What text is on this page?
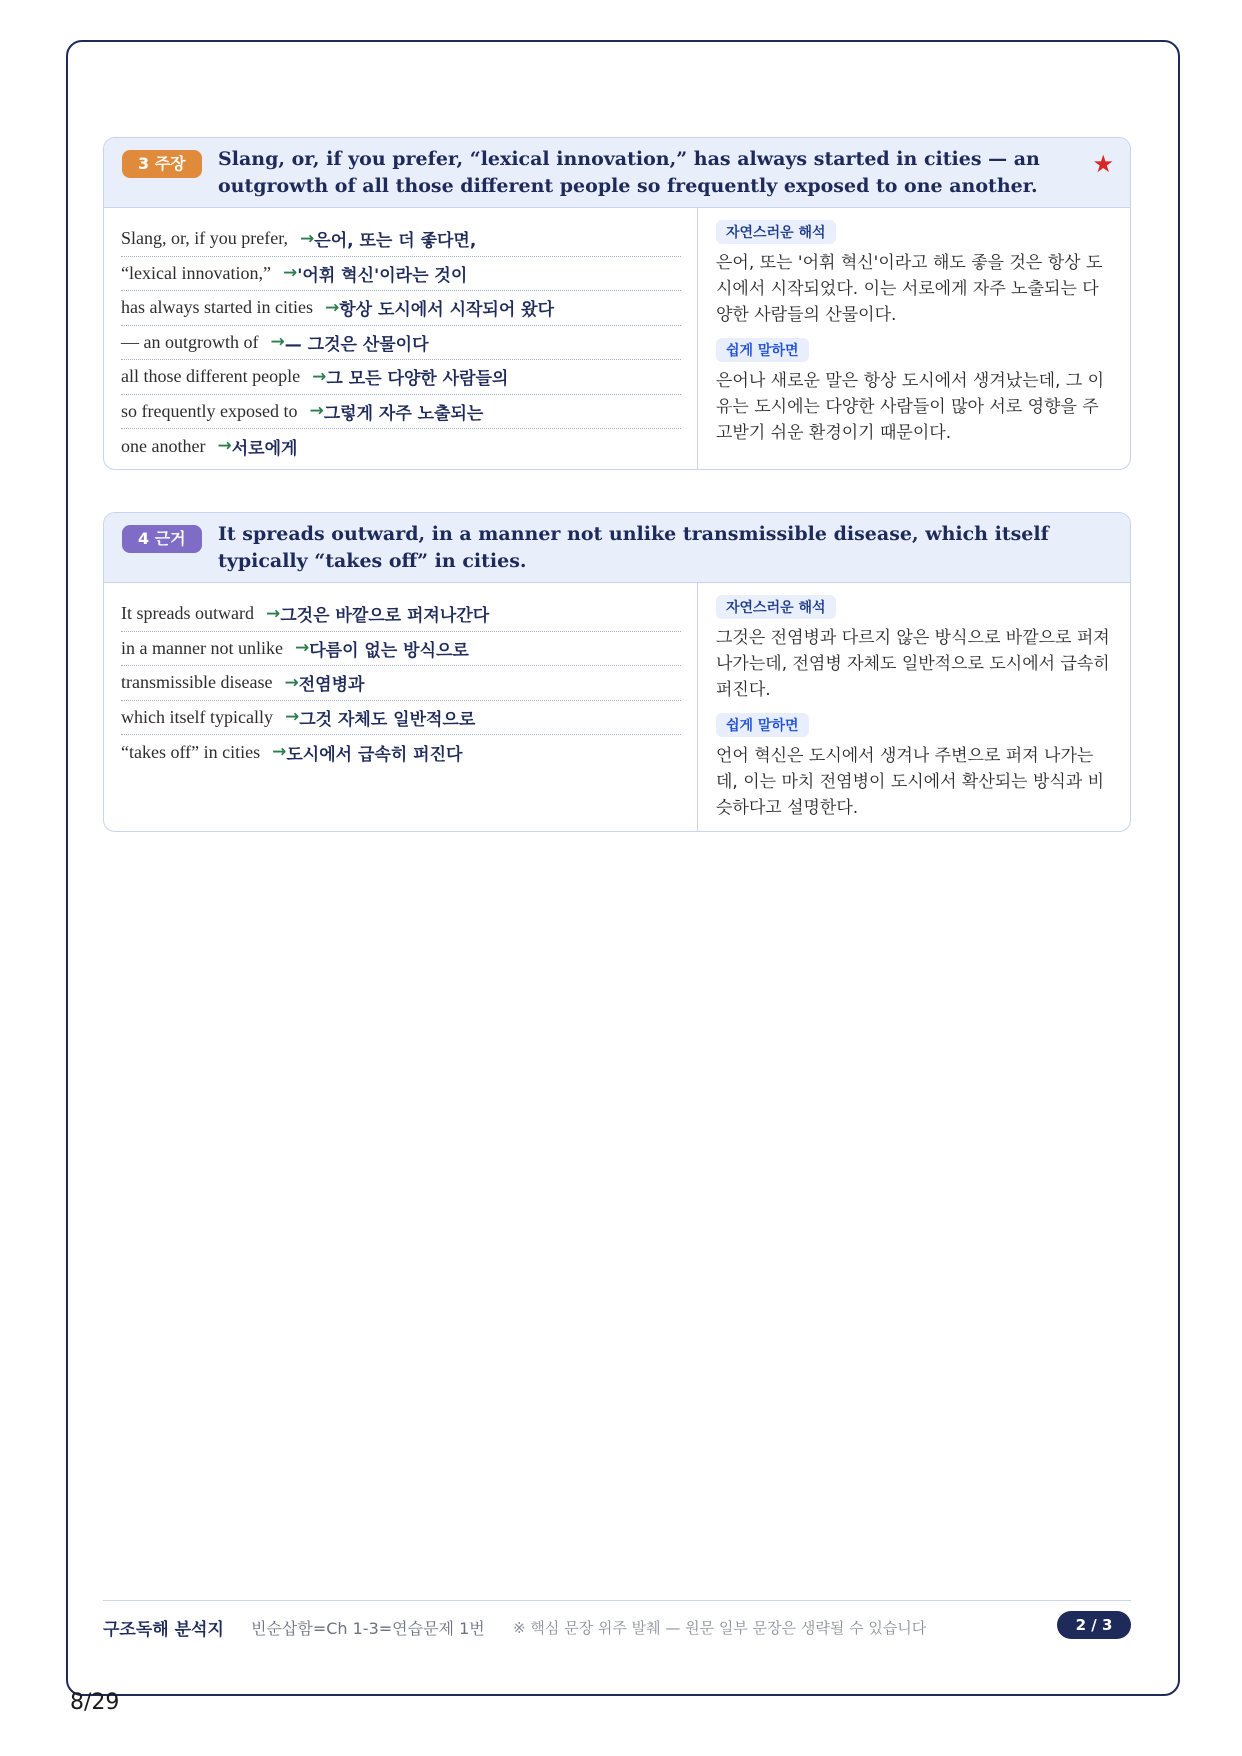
3 주장	Slang, or, if you prefer, “lexical innovation,” has always started in cities — an outgrowth of all those different people so frequently exposed to one another.
★
Slang, or, if you prefer, → 은어, 또는 더 좋다면,
“lexical innovation,” → '어휘 혁신'이라는 것이
has always started in cities → 항상 도시에서 시작되어 왔다
— an outgrowth of → — 그것은 산물이다
all those different people → 그 모든 다양한 사람들의
so frequently exposed to → 그렇게 자주 노출되는
one another → 서로에게
자연스러운 해석
은어, 또는 '어휘 혁신'이라고 해도 좋을 것은 항상 도시에서 시작되었다. 이는 서로에게 자주 노출되는 다양한 사람들의 산물이다.
쉽게 말하면
은어나 새로운 말은 항상 도시에서 생겨났는데, 그 이유는 도시에는 다양한 사람들이 많아 서로 영향을 주고받기 쉬운 환경이기 때문이다.
4 근거	It spreads outward, in a manner not unlike transmissible disease, which itself typically “takes off” in cities.
It spreads outward → 그것은 바깥으로 퍼져나간다
in a manner not unlike → 다름이 없는 방식으로
transmissible disease → 전염병과
which itself typically → 그것 자체도 일반적으로
“takes off” in cities → 도시에서 급속히 퍼진다
자연스러운 해석
그것은 전염병과 다르지 않은 방식으로 바깥으로 퍼져나가는데, 전염병 자체도 일반적으로 도시에서 급속히 퍼진다.
쉽게 말하면
언어 혁신은 도시에서 생겨나 주변으로 퍼져 나가는데, 이는 마치 전염병이 도시에서 확산되는 방식과 비슷하다고 설명한다.
구조독해 분석지 빈순삽함=Ch 1-3=연습문제 1번 ※ 핵심 문장 위주 발췌 — 원문 일부 문장은 생략될 수 있습니다	2 / 3
8/29
